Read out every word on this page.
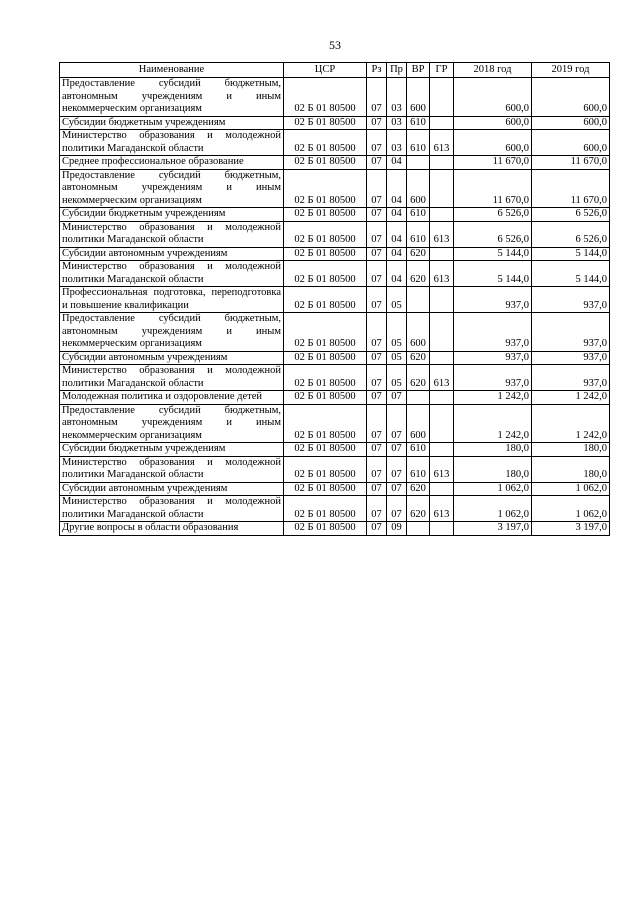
53
Наименование	ЦСР	Рз	Пр	ВР	ГР	2018 год	2019 год
Предоставление субсидий бюджетным, автономным учреждениям и иным некоммерческим организациям	02 Б 01 80500	07	03	600		600,0	600,0
Субсидии бюджетным учреждениям	02 Б 01 80500	07	03	610		600,0	600,0
Министерство образования и молодежной политики Магаданской области	02 Б 01 80500	07	03	610	613	600,0	600,0
Среднее профессиональное образование	02 Б 01 80500	07	04			11 670,0	11 670,0
Предоставление субсидий бюджетным, автономным учреждениям и иным некоммерческим организациям	02 Б 01 80500	07	04	600		11 670,0	11 670,0
Субсидии бюджетным учреждениям	02 Б 01 80500	07	04	610		6 526,0	6 526,0
Министерство образования и молодежной политики Магаданской области	02 Б 01 80500	07	04	610	613	6 526,0	6 526,0
Субсидии автономным учреждениям	02 Б 01 80500	07	04	620		5 144,0	5 144,0
Министерство образования и молодежной политики Магаданской области	02 Б 01 80500	07	04	620	613	5 144,0	5 144,0
Профессиональная подготовка, переподготовка и повышение квалификации	02 Б 01 80500	07	05			937,0	937,0
Предоставление субсидий бюджетным, автономным учреждениям и иным некоммерческим организациям	02 Б 01 80500	07	05	600		937,0	937,0
Субсидии автономным учреждениям	02 Б 01 80500	07	05	620		937,0	937,0
Министерство образования и молодежной политики Магаданской области	02 Б 01 80500	07	05	620	613	937,0	937,0
Молодежная политика и оздоровление детей	02 Б 01 80500	07	07			1 242,0	1 242,0
Предоставление субсидий бюджетным, автономным учреждениям и иным некоммерческим организациям	02 Б 01 80500	07	07	600		1 242,0	1 242,0
Субсидии бюджетным учреждениям	02 Б 01 80500	07	07	610		180,0	180,0
Министерство образования и молодежной политики Магаданской области	02 Б 01 80500	07	07	610	613	180,0	180,0
Субсидии автономным учреждениям	02 Б 01 80500	07	07	620		1 062,0	1 062,0
Министерство образования и молодежной политики Магаданской области	02 Б 01 80500	07	07	620	613	1 062,0	1 062,0
Другие вопросы в области образования	02 Б 01 80500	07	09			3 197,0	3 197,0
